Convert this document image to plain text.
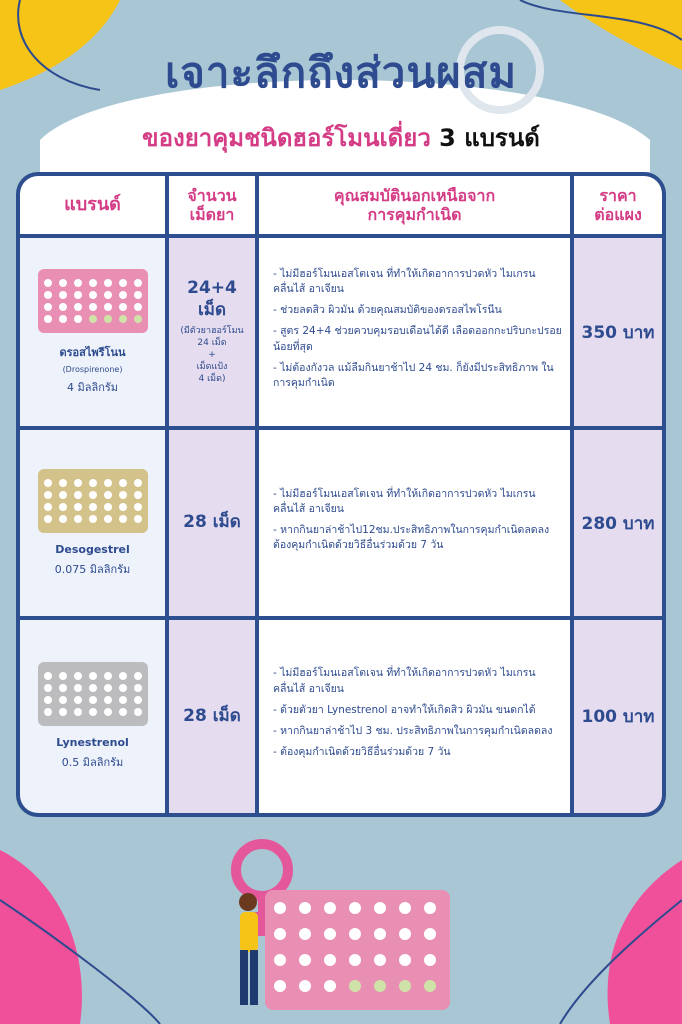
เจาะลึกถึงส่วนผสม
ของยาคุมชนิดฮอร์โมนเดี่ยว 3 แบรนด์
แบรนด์	จำนวน
เม็ดยา
คุณสมบัตินอกเหนือจาก
การคุมกำเนิด
ราคา
ต่อแผง
ดรอสไพรีโนน
(Drospirenone)
4 มิลลิกรัม
24+4
เม็ด
(มีตัวยาฮอร์โมน
24 เม็ด
+
เม็ดแป้ง
4 เม็ด)
- ไม่มีฮอร์โมนเอสโตเจน ที่ทำให้เกิดอาการปวดหัว ไมเกรน คลื่นไส้ อาเจียน
- ช่วยลดสิว ผิวมัน ด้วยคุณสมบัติของดรอสไพโรนีน
- สูตร 24+4 ช่วยควบคุมรอบเดือนได้ดี เลือดออกกะปริบกะปรอยน้อยที่สุด
- ไม่ต้องกังวล แม้ลืมกินยาช้าไป 24 ชม. ก็ยังมีประสิทธิภาพ ในการคุมกำเนิด
350 บาท
Desogestrel
0.075 มิลลิกรัม
28 เม็ด
- ไม่มีฮอร์โมนเอสโตเจน ที่ทำให้เกิดอาการปวดหัว ไมเกรน คลื่นไส้ อาเจียน
- หากกินยาล่าช้าไป12ชม.ประสิทธิภาพในการคุมกำเนิดลดลง ต้องคุมกำเนิดด้วยวิธีอื่นร่วมด้วย 7 วัน
280 บาท
Lynestrenol
0.5 มิลลิกรัม
28 เม็ด
- ไม่มีฮอร์โมนเอสโตเจน ที่ทำให้เกิดอาการปวดหัว ไมเกรน คลื่นไส้ อาเจียน
- ด้วยตัวยา Lynestrenol อาจทำให้เกิดสิว ผิวมัน ขนดกได้
- หากกินยาล่าช้าไป 3 ชม. ประสิทธิภาพในการคุมกำเนิดลดลง
- ต้องคุมกำเนิดด้วยวิธีอื่นร่วมด้วย 7 วัน
100 บาท
